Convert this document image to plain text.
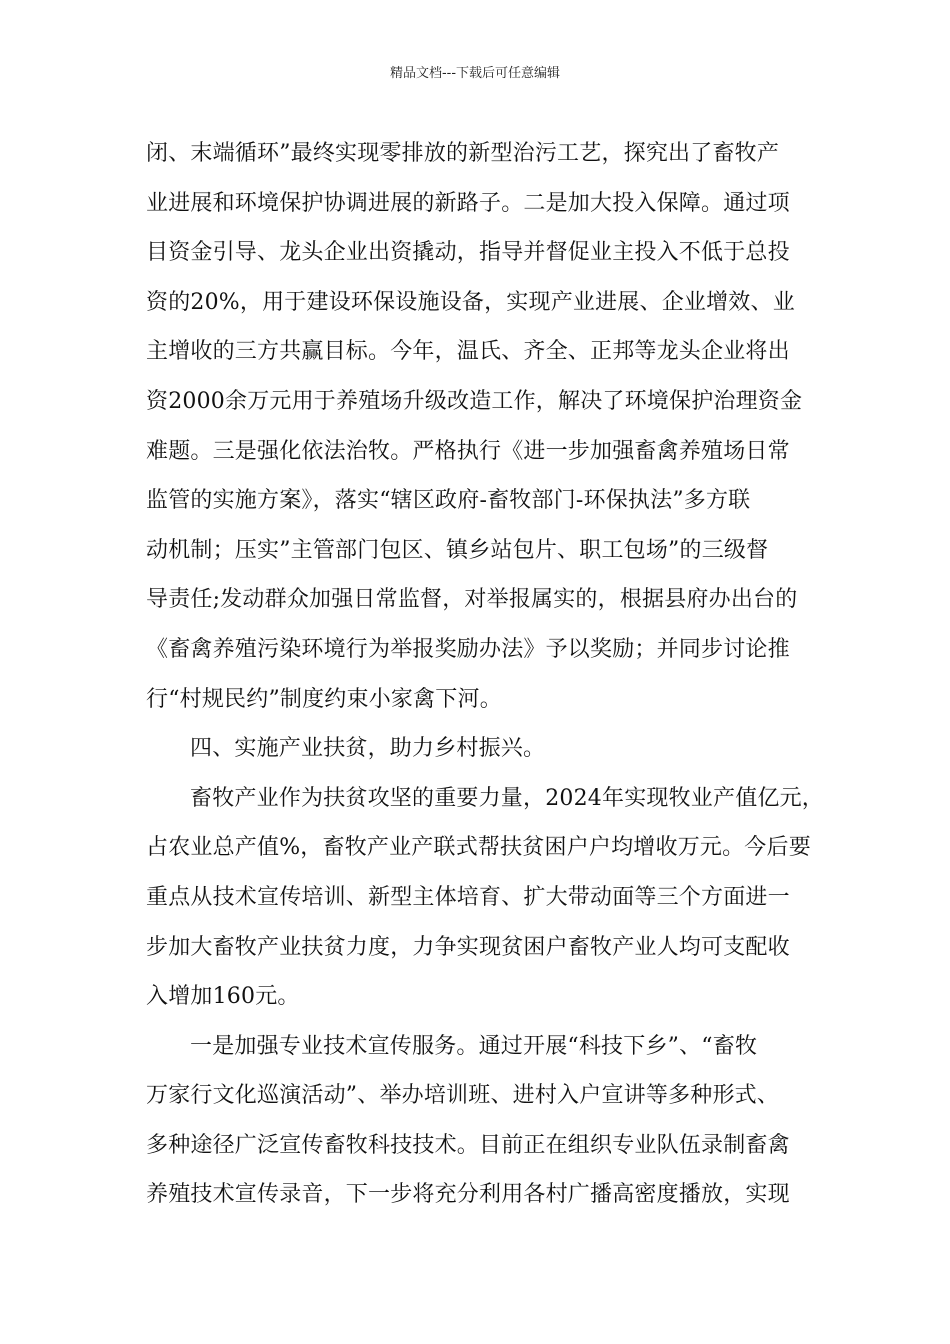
精品文档---下载后可任意编辑
闭、末端循环”最终实现零排放的新型治污工艺，探究出了畜牧产
业进展和环境保护协调进展的新路子。二是加大投入保障。通过项
目资金引导、龙头企业出资撬动，指导并督促业主投入不低于总投
资的20%，用于建设环保设施设备，实现产业进展、企业增效、业
主增收的三方共赢目标。今年，温氏、齐全、正邦等龙头企业将出
资2000余万元用于养殖场升级改造工作，解决了环境保护治理资金
难题。三是强化依法治牧。严格执行《进一步加强畜禽养殖场日常
监管的实施方案》，落实“辖区政府-畜牧部门-环保执法”多方联
动机制；压实”主管部门包区、镇乡站包片、职工包场”的三级督
导责任;发动群众加强日常监督，对举报属实的，根据县府办出台的
《畜禽养殖污染环境行为举报奖励办法》予以奖励；并同步讨论推
行“村规民约”制度约束小家禽下河。
四、实施产业扶贫，助力乡村振兴。
畜牧产业作为扶贫攻坚的重要力量，2024年实现牧业产值亿元，
占农业总产值%，畜牧产业产联式帮扶贫困户户均增收万元。今后要
重点从技术宣传培训、新型主体培育、扩大带动面等三个方面进一
步加大畜牧产业扶贫力度，力争实现贫困户畜牧产业人均可支配收
入增加160元。
一是加强专业技术宣传服务。通过开展“科技下乡”、“畜牧
万家行文化巡演活动”、举办培训班、进村入户宣讲等多种形式、
多种途径广泛宣传畜牧科技技术。目前正在组织专业队伍录制畜禽
养殖技术宣传录音，下一步将充分利用各村广播高密度播放，实现
